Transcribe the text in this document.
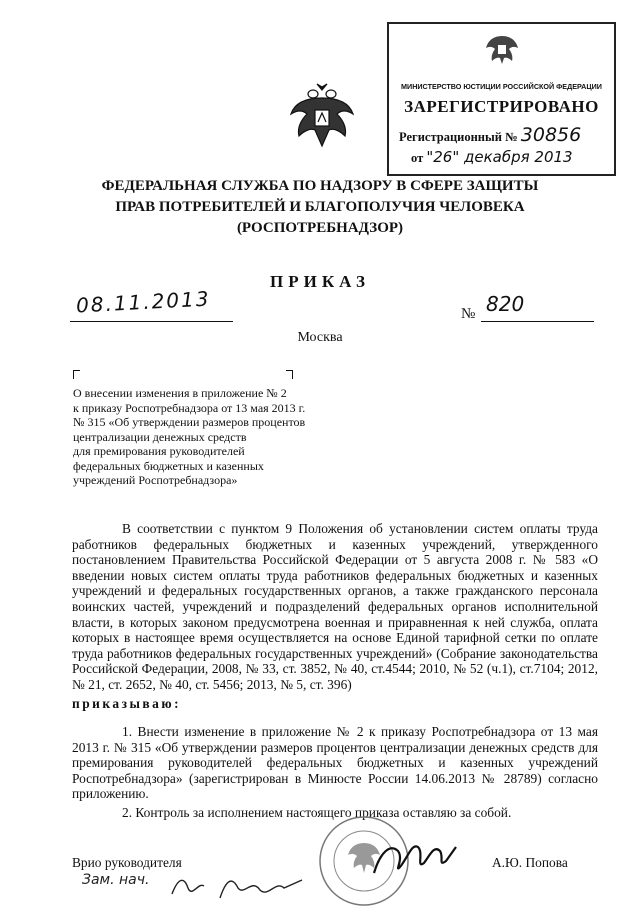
МИНИСТЕРСТВО ЮСТИЦИИ РОССИЙСКОЙ ФЕДЕРАЦИИ
ЗАРЕГИСТРИРОВАНО
Регистрационный № 30856
от "26" декабря 2013
ФЕДЕРАЛЬНАЯ СЛУЖБА ПО НАДЗОРУ В СФЕРЕ ЗАЩИТЫ
ПРАВ ПОТРЕБИТЕЛЕЙ И БЛАГОПОЛУЧИЯ ЧЕЛОВЕКА
(РОСПОТРЕБНАДЗОР)
ПРИКАЗ
08.11.2013	№ 820
Москва
О внесении изменения в приложение № 2
к приказу Роспотребнадзора от 13 мая 2013 г.
№ 315 «Об утверждении размеров процентов
централизации денежных средств
для премирования руководителей
федеральных бюджетных и казенных
учреждений Роспотребнадзора»
В соответствии с пунктом 9 Положения об установлении систем оплаты труда работников федеральных бюджетных и казенных учреждений, утвержденного постановлением Правительства Российской Федерации от 5 августа 2008 г. № 583 «О введении новых систем оплаты труда работников федеральных бюджетных и казенных учреждений и федеральных государственных органов, а также гражданского персонала воинских частей, учреждений и подразделений федеральных органов исполнительной власти, в которых законом предусмотрена военная и приравненная к ней служба, оплата которых в настоящее время осуществляется на основе Единой тарифной сетки по оплате труда работников федеральных государственных учреждений» (Собрание законодательства Российской Федерации, 2008, № 33, ст. 3852, № 40, ст.4544; 2010, № 52 (ч.1), ст.7104; 2012, № 21, ст. 2652, № 40, ст. 5456; 2013, № 5, ст. 396)
приказываю:
1. Внести изменение в приложение № 2 к приказу Роспотребнадзора от 13 мая 2013 г. № 315 «Об утверждении размеров процентов централизации денежных средств для премирования руководителей федеральных бюджетных и казенных учреждений Роспотребнадзора» (зарегистрирован в Минюсте России 14.06.2013 № 28789) согласно приложению.
2. Контроль за исполнением настоящего приказа оставляю за собой.
Врио руководителя	А.Ю. Попова
Зам. нач.
